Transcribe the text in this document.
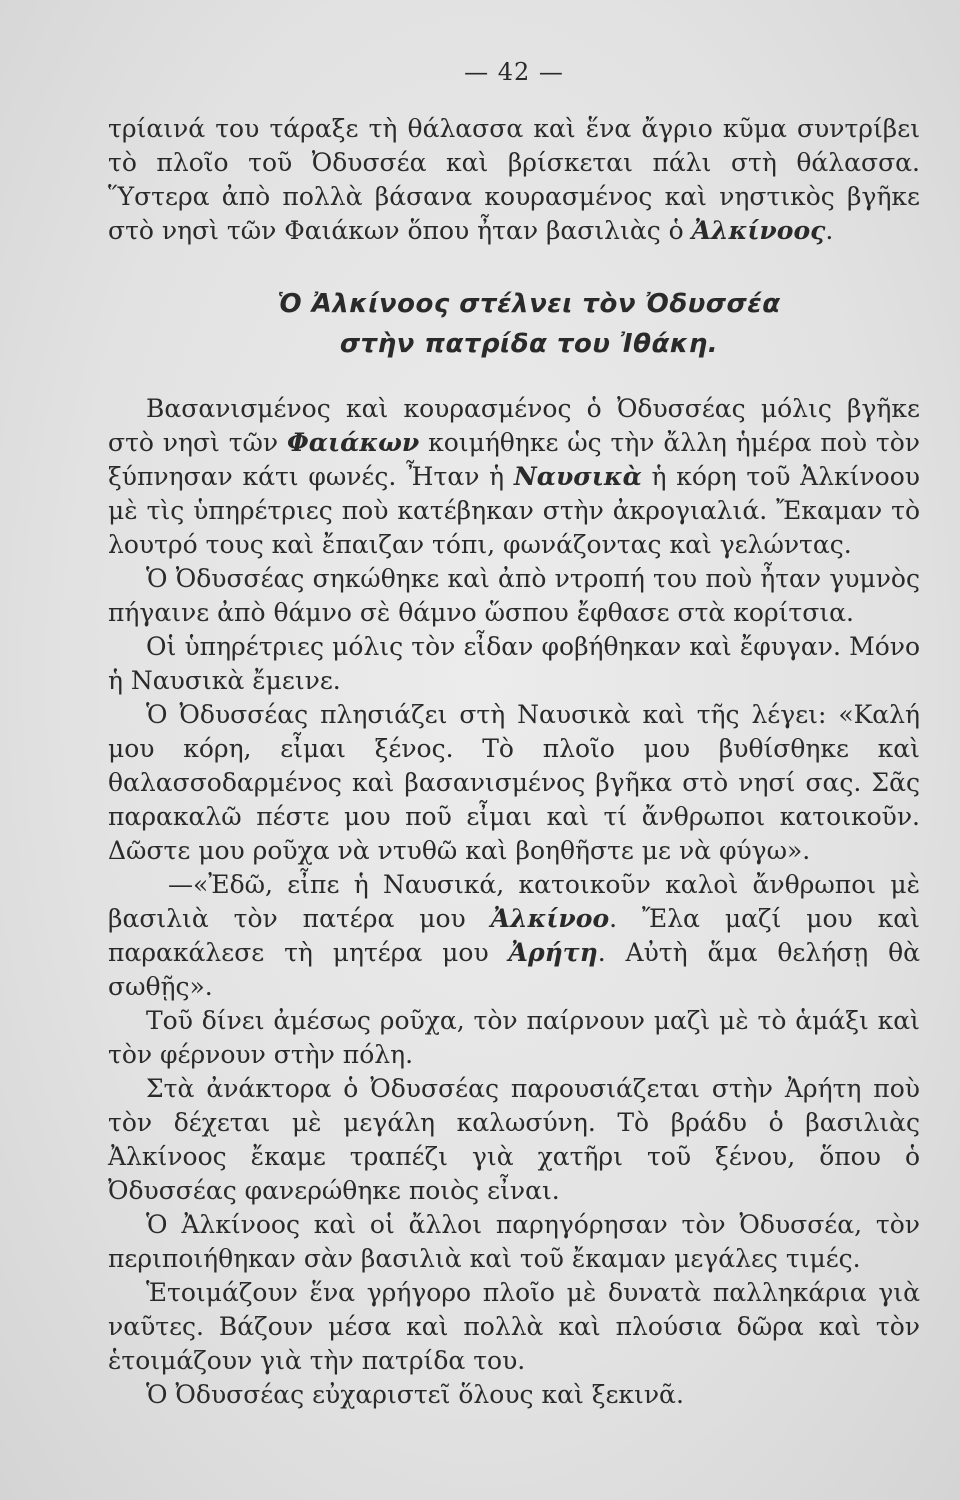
— 42 —

τρίαινά του τάραξε τὴ θάλασσα καὶ ἕνα ἄγριο κῦμα συντρίβει τὸ πλοῖο τοῦ Ὀδυσσέα καὶ βρίσκεται πάλι στὴ θάλασσα. Ὕστερα ἀπὸ πολλὰ βάσανα κουρασμένος καὶ νηστικὸς βγῆκε στὸ νησὶ τῶν Φαιάκων ὅπου ἦταν βασιλιὰς ὁ Ἀλκίνοος.

Ὁ Ἀλκίνοος στέλνει τὸν Ὀδυσσέα
στὴν πατρίδα του Ἰθάκη.

Βασανισμένος καὶ κουρασμένος ὁ Ὀδυσσέας μόλις βγῆκε στὸ νησὶ τῶν Φαιάκων κοιμήθηκε ὡς τὴν ἄλλη ἡμέρα ποὺ τὸν ξύπνησαν κάτι φωνές. Ἦταν ἡ Ναυσικὰ ἡ κόρη τοῦ Ἀλκίνοου μὲ τὶς ὑπηρέτριες ποὺ κατέβηκαν στὴν ἀκρογιαλιά. Ἔκαμαν τὸ λουτρό τους καὶ ἔπαιζαν τόπι, φωνάζοντας καὶ γελώντας.

Ὁ Ὀδυσσέας σηκώθηκε καὶ ἀπὸ ντροπή του ποὺ ἦταν γυμνὸς πήγαινε ἀπὸ θάμνο σὲ θάμνο ὥσπου ἔφθασε στὰ κορίτσια.

Οἱ ὑπηρέτριες μόλις τὸν εἶδαν φοβήθηκαν καὶ ἔφυγαν. Μόνο ἡ Ναυσικὰ ἔμεινε.

Ὁ Ὀδυσσέας πλησιάζει στὴ Ναυσικὰ καὶ τῆς λέγει: «Καλή μου κόρη, εἶμαι ξένος. Τὸ πλοῖο μου βυθίσθηκε καὶ θαλασσοδαρμένος καὶ βασανισμένος βγῆκα στὸ νησί σας. Σᾶς παρακαλῶ πέστε μου ποῦ εἶμαι καὶ τί ἄνθρωποι κατοικοῦν. Δῶστε μου ροῦχα νὰ ντυθῶ καὶ βοηθῆστε με νὰ φύγω».

—«Ἐδῶ, εἶπε ἡ Ναυσικά, κατοικοῦν καλοὶ ἄνθρωποι μὲ βασιλιὰ τὸν πατέρα μου Ἀλκίνοο. Ἔλα μαζί μου καὶ παρακάλεσε τὴ μητέρα μου Ἀρήτη. Αὐτὴ ἅμα θελήσῃ θὰ σωθῇς».

Τοῦ δίνει ἀμέσως ροῦχα, τὸν παίρνουν μαζὶ μὲ τὸ ἁμάξι καὶ τὸν φέρνουν στὴν πόλη.

Στὰ ἀνάκτορα ὁ Ὀδυσσέας παρουσιάζεται στὴν Ἀρήτη ποὺ τὸν δέχεται μὲ μεγάλη καλωσύνη. Τὸ βράδυ ὁ βασιλιὰς Ἀλκίνοος ἔκαμε τραπέζι γιὰ χατῆρι τοῦ ξένου, ὅπου ὁ Ὀδυσσέας φανερώθηκε ποιὸς εἶναι.

Ὁ Ἀλκίνοος καὶ οἱ ἄλλοι παρηγόρησαν τὸν Ὀδυσσέα, τὸν περιποιήθηκαν σὰν βασιλιὰ καὶ τοῦ ἔκαμαν μεγάλες τιμές.

Ἑτοιμάζουν ἕνα γρήγορο πλοῖο μὲ δυνατὰ παλληκάρια γιὰ ναῦτες. Βάζουν μέσα καὶ πολλὰ καὶ πλούσια δῶρα καὶ τὸν ἑτοιμάζουν γιὰ τὴν πατρίδα του.

Ὁ Ὀδυσσέας εὐχαριστεῖ ὅλους καὶ ξεκινᾶ.
